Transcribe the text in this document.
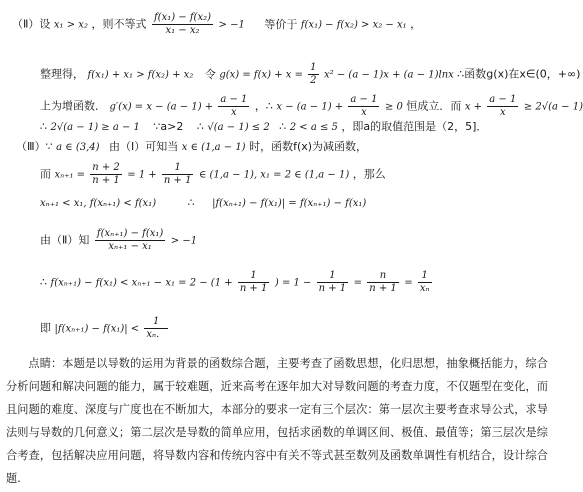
（Ⅱ）设 x₁ > x₂ ，则不等式 $\frac{\text{f(x₁) − f(x₂)}}{\text{x₁ − x₂}} > -1$ 等价于 f(x₁) − f(x₂) > x₂ − x₁ ，
整理得， f(x₁) + x₁ > f(x₂) + x₂ 令 $g(x) = f(x) + x = \frac{1}{2} x^2 - (a - 1)x + (a - 1)\ln x$ ∴函数g(x)在x∈(0，+∞)
上为增函数． $g'(x) = x - (a - 1) + \frac{a - 1}{x}$ ，∴ $x - (a - 1) + \frac{a - 1}{x} \ge 0$ 恒成立．而 $x + \frac{a - 1}{x} \ge 2√(a - 1)$
∴ 2√(a − 1) ≥ a − 1 ∵a>2 ∴ √(a − 1) ≤ 2 ∴ 2 < a ≤ 5 ，即a的取值范围是（2，5]．
（Ⅲ）∵ a ∈ (3,4) 由（Ⅰ）可知当 x ∈ (1,a − 1) 时，函数f(x)为减函数，
而 $x_{n+1} = \frac{n + 2}{n + 1} = 1 + \frac{1}{n + 1}$ ∈ (1,a − 1), x₁ = 2 ∈ (1,a − 1) ，那么
xₙ₊₁ < x₁, f(xₙ₊₁) < f(x₁)	∴ |f(xₙ₊₁) − f(x₁)| = f(xₙ₊₁) − f(x₁)
由（Ⅱ）知 $\frac{\text{f(xₙ₊₁) − f(x₁)}}{\text{xₙ₊₁ − x₁}} > -1$
∴ $f(x_{n+1}) - f(x_1) < x_{n+1} - x_1 = 2 - (1 + \frac{1}{n + 1}$ ) = $1 - \frac{1}{n + 1} = \frac{n}{n + 1} = \frac{1}{\text{xₙ}}$
即 $|f(x_{n+1}) - f(x_1)| < \frac{1}{\text{xₙ．}}$
点睛：本题是以导数的运用为背景的函数综合题，主要考查了函数思想，化归思想，抽象概括能力，综合分析问题和解决问题的能力，属于较难题，近来高考在逐年加大对导数问题的考查力度，不仅题型在变化，而且问题的难度、深度与广度也在不断加大，本部分的要求一定有三个层次：第一层次主要考查求导公式，求导法则与导数的几何意义；第二层次是导数的简单应用，包括求函数的单调区间、极值、最值等；第三层次是综合考查，包括解决应用问题，将导数内容和传统内容中有关不等式甚至数列及函数单调性有机结合，设计综合题.
